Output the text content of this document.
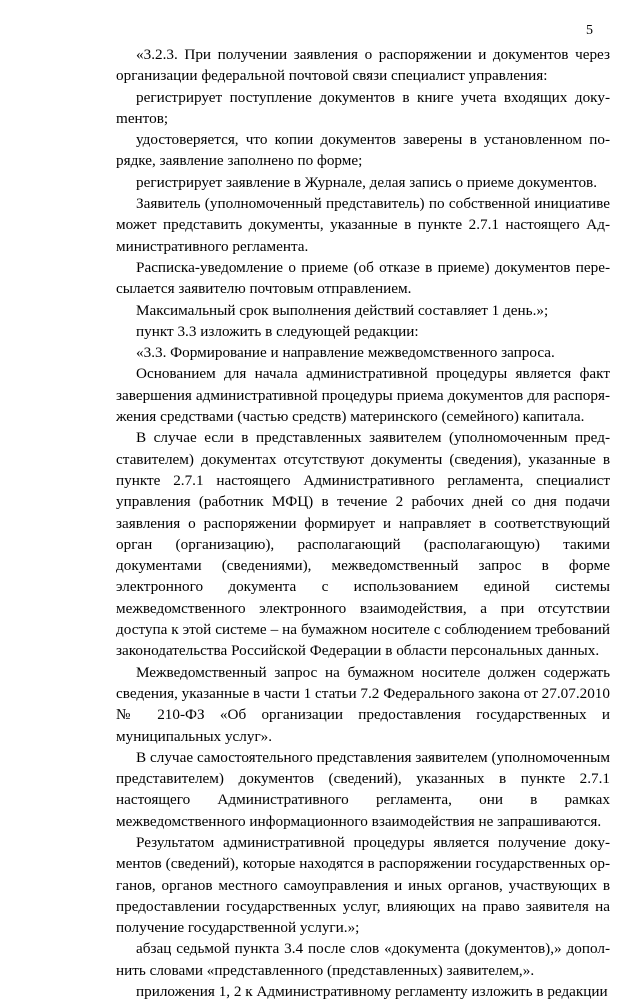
5

«3.2.3. При получении заявления о распоряжении и документов через организации федеральной почтовой связи специалист управления:

регистрирует поступление документов в книге учета входящих докуmентов;

удостоверяется, что копии документов заверены в установленном порядке, заявление заполнено по форме;

регистрирует заявление в Журнале, делая запись о приеме документов.

Заявитель (уполномоченный представитель) по собственной инициативе может представить документы, указанные в пункте 2.7.1 настоящего Административного регламента.

Расписка-уведомление о приеме (об отказе в приеме) документов пересылается заявителю почтовым отправлением.

Максимальный срок выполнения действий составляет 1 день.»;

пункт 3.3 изложить в следующей редакции:

«3.3. Формирование и направление межведомственного запроса.

Основанием для начала административной процедуры является факт завершения административной процедуры приема документов для распоряжения средствами (частью средств) материнского (семейного) капитала.

В случае если в представленных заявителем (уполномоченным представителем) документах отсутствуют документы (сведения), указанные в пункте 2.7.1 настоящего Административного регламента, специалист управления (работник МФЦ) в течение 2 рабочих дней со дня подачи заявления о распоряжении формирует и направляет в соответствующий орган (организацию), располагающий (располагающую) такими документами (сведениями), межведомственный запрос в форме электронного документа с использованием единой системы межведомственного электронного взаимодействия, а при отсутствии доступа к этой системе – на бумажном носителе с соблюдением требований законодательства Российской Федерации в области персональных данных.

Межведомственный запрос на бумажном носителе должен содержать сведения, указанные в части 1 статьи 7.2 Федерального закона от 27.07.2010 № 210-ФЗ «Об организации предоставления государственных и муниципальных услуг».

В случае самостоятельного представления заявителем (уполномоченным представителем) документов (сведений), указанных в пункте 2.7.1 настоящего Административного регламента, они в рамках межведомственного информационного взаимодействия не запрашиваются.

Результатом административной процедуры является получение документов (сведений), которые находятся в распоряжении государственных органов, органов местного самоуправления и иных органов, участвующих в предоставлении государственных услуг, влияющих на право заявителя на получение государственной услуги.»;

абзац седьмой пункта 3.4 после слов «документа (документов),» дополнить словами «представленного (представленных) заявителем,».

приложения 1, 2 к Административному регламенту изложить в редакции
